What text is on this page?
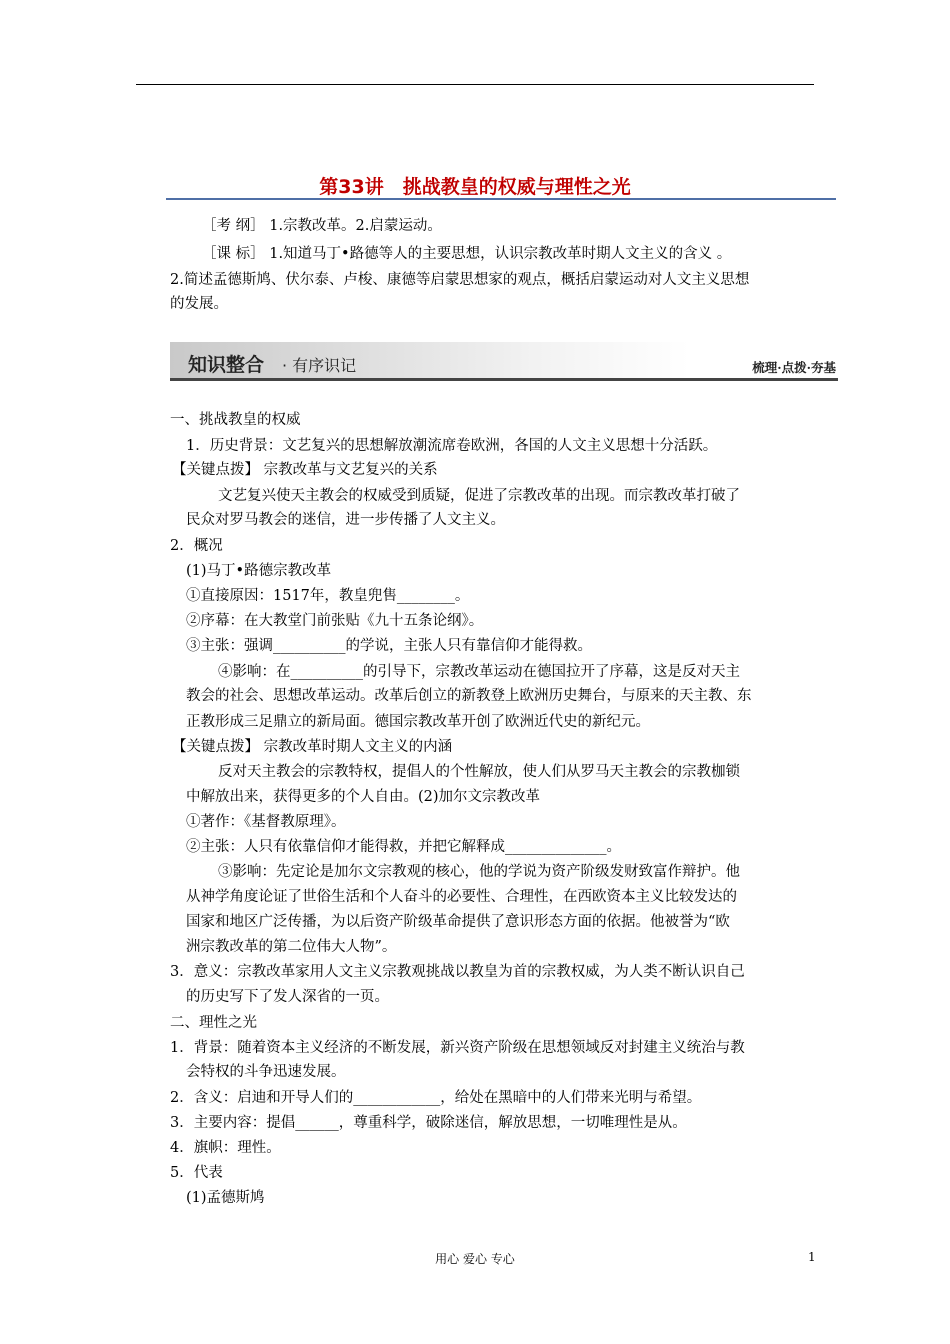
第33讲　挑战教皇的权威与理性之光
［考 纲］ 1.宗教改革。2.启蒙运动。
［课 标］ 1.知道马丁•路德等人的主要思想，认识宗教改革时期人文主义的含义 。
2.简述孟德斯鸠、伏尔泰、卢梭、康德等启蒙思想家的观点，概括启蒙运动对人文主义思想
的发展。
知识整合 · 有序识记	梳理·点拨·夯基
一、挑战教皇的权威
1．历史背景：文艺复兴的思想解放潮流席卷欧洲，各国的人文主义思想十分活跃。
【关键点拨】 宗教改革与文艺复兴的关系
文艺复兴使天主教会的权威受到质疑，促进了宗教改革的出现。而宗教改革打破了
民众对罗马教会的迷信，进一步传播了人文主义。
2．概况
(1)马丁•路德宗教改革
①直接原因：1517年，教皇兜售________。
②序幕：在大教堂门前张贴《九十五条论纲》。
③主张：强调__________的学说，主张人只有靠信仰才能得救。
④影响：在__________的引导下，宗教改革运动在德国拉开了序幕，这是反对天主
教会的社会、思想改革运动。改革后创立的新教登上欧洲历史舞台，与原来的天主教、东
正教形成三足鼎立的新局面。德国宗教改革开创了欧洲近代史的新纪元。
【关键点拨】 宗教改革时期人文主义的内涵
反对天主教会的宗教特权，提倡人的个性解放，使人们从罗马天主教会的宗教枷锁
中解放出来，获得更多的个人自由。(2)加尔文宗教改革
①著作：《基督教原理》。
②主张：人只有依靠信仰才能得救，并把它解释成______________。
③影响：先定论是加尔文宗教观的核心，他的学说为资产阶级发财致富作辩护。他
从神学角度论证了世俗生活和个人奋斗的必要性、合理性，在西欧资本主义比较发达的
国家和地区广泛传播，为以后资产阶级革命提供了意识形态方面的依据。他被誉为“欧
洲宗教改革的第二位伟大人物”。
3．意义：宗教改革家用人文主义宗教观挑战以教皇为首的宗教权威，为人类不断认识自己
的历史写下了发人深省的一页。
二、理性之光
1．背景：随着资本主义经济的不断发展，新兴资产阶级在思想领域反对封建主义统治与教
会特权的斗争迅速发展。
2．含义：启迪和开导人们的____________，给处在黑暗中的人们带来光明与希望。
3．主要内容：提倡______，尊重科学，破除迷信，解放思想，一切唯理性是从。
4．旗帜：理性。
5．代表
(1)孟德斯鸠
用心 爱心 专心	1
